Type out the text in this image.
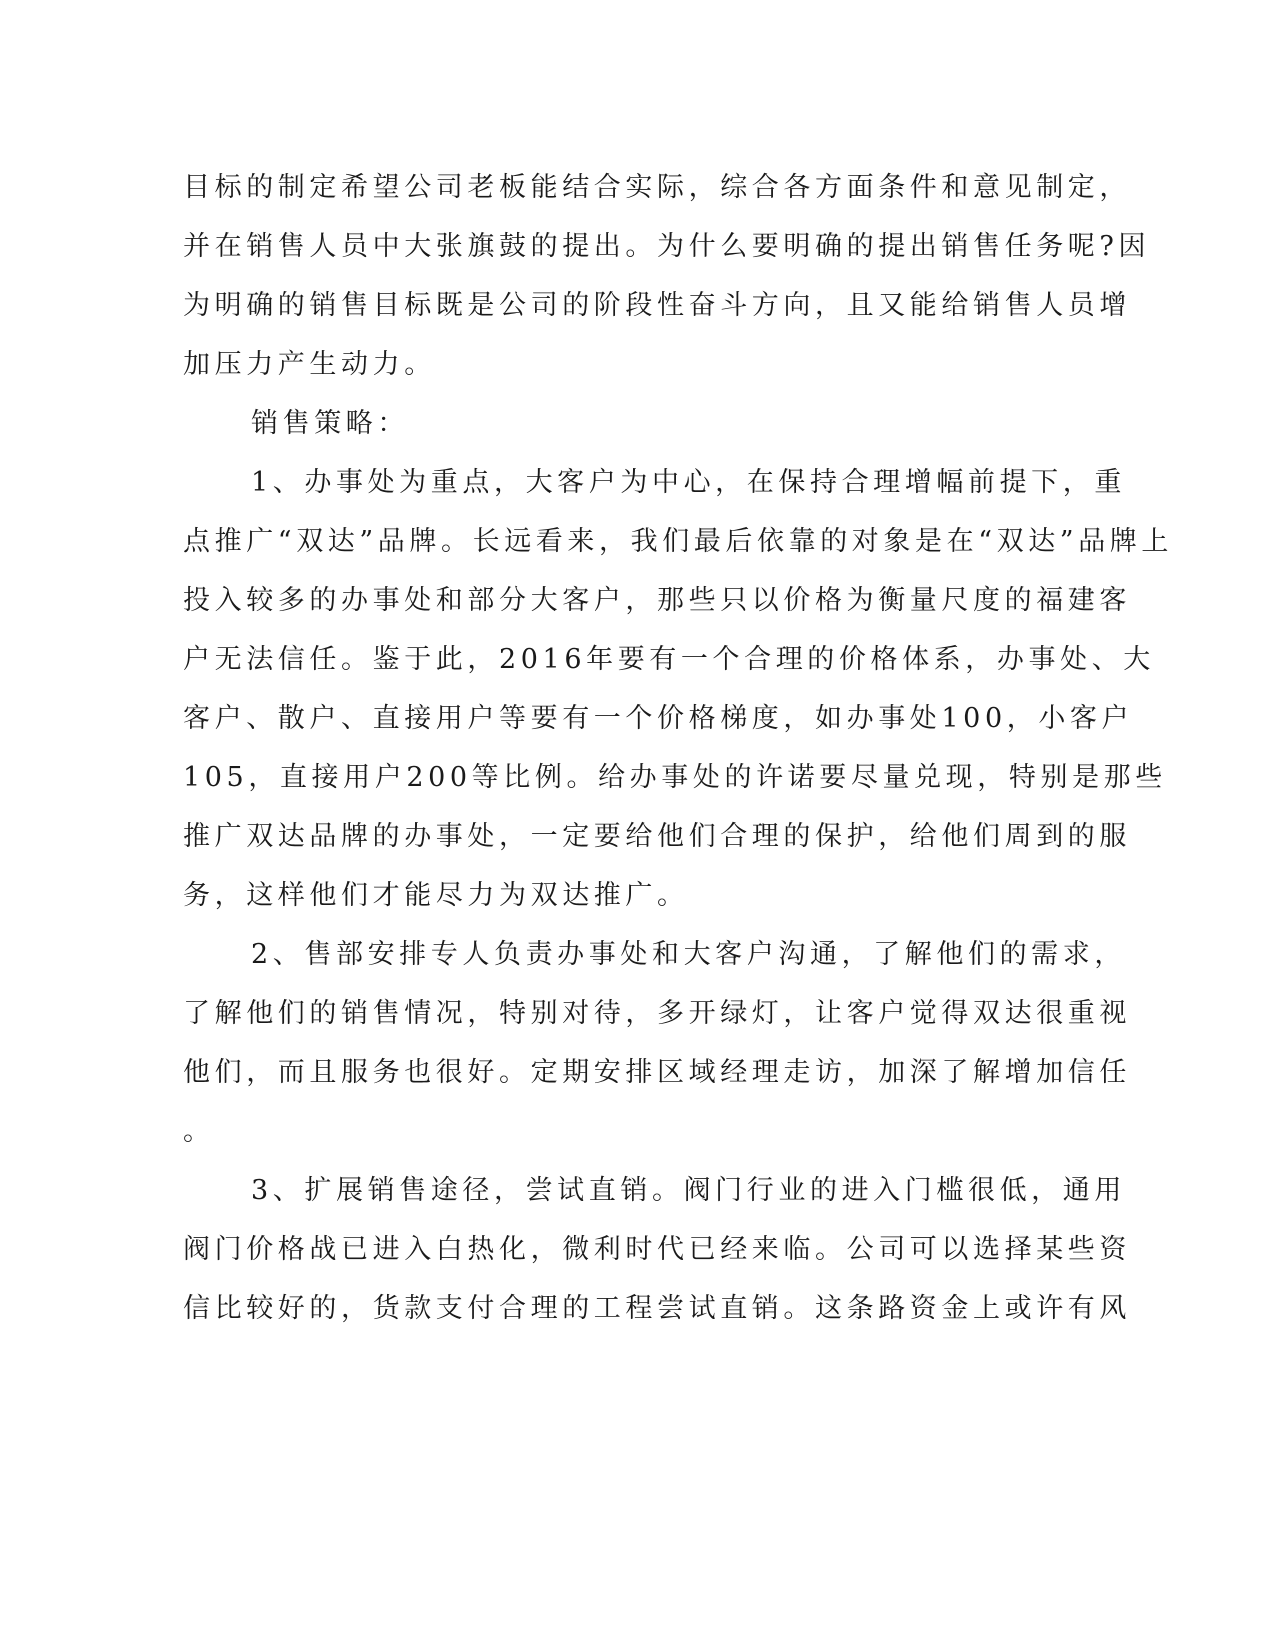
目标的制定希望公司老板能结合实际，综合各方面条件和意见制定，
并在销售人员中大张旗鼓的提出。为什么要明确的提出销售任务呢?因
为明确的销售目标既是公司的阶段性奋斗方向，且又能给销售人员增
加压力产生动力。
销售策略：
1、办事处为重点，大客户为中心，在保持合理增幅前提下，重
点推广“双达”品牌。长远看来，我们最后依靠的对象是在“双达”品牌上
投入较多的办事处和部分大客户，那些只以价格为衡量尺度的福建客
户无法信任。鉴于此，2016年要有一个合理的价格体系，办事处、大
客户、散户、直接用户等要有一个价格梯度，如办事处100，小客户
105，直接用户200等比例。给办事处的许诺要尽量兑现，特别是那些
推广双达品牌的办事处，一定要给他们合理的保护，给他们周到的服
务，这样他们才能尽力为双达推广。
2、售部安排专人负责办事处和大客户沟通，了解他们的需求，
了解他们的销售情况，特别对待，多开绿灯，让客户觉得双达很重视
他们，而且服务也很好。定期安排区域经理走访，加深了解增加信任
。
3、扩展销售途径，尝试直销。阀门行业的进入门槛很低，通用
阀门价格战已进入白热化，微利时代已经来临。公司可以选择某些资
信比较好的，货款支付合理的工程尝试直销。这条路资金上或许有风
